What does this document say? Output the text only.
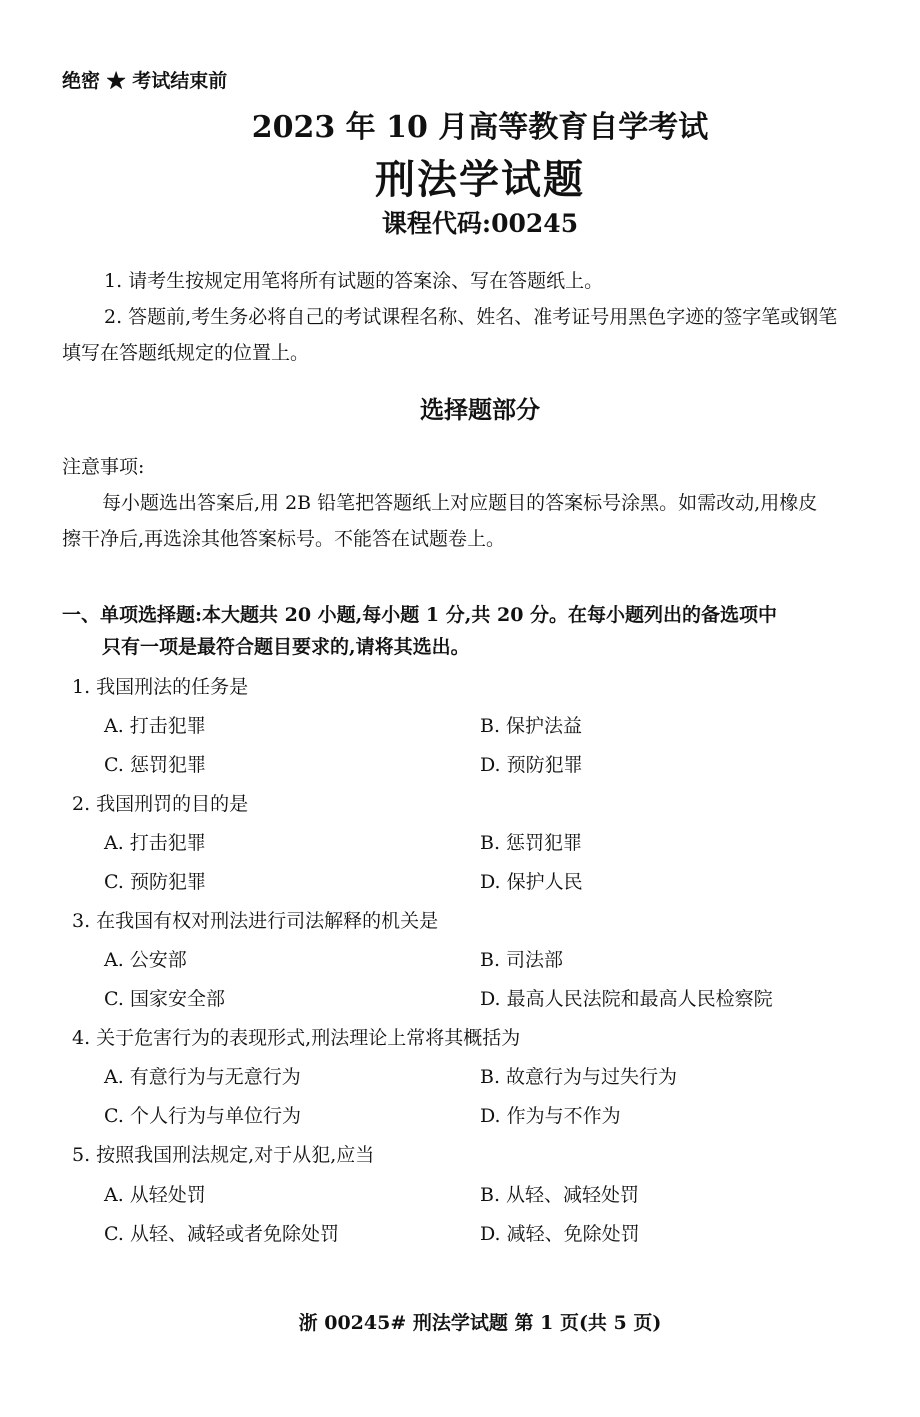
绝密 ★ 考试结束前
2023 年 10 月高等教育自学考试
刑法学试题
课程代码:00245
1. 请考生按规定用笔将所有试题的答案涂、写在答题纸上。
2. 答题前,考生务必将自己的考试课程名称、姓名、准考证号用黑色字迹的签字笔或钢笔
填写在答题纸规定的位置上。
选择题部分
注意事项:
每小题选出答案后,用 2B 铅笔把答题纸上对应题目的答案标号涂黑。如需改动,用橡皮
擦干净后,再选涂其他答案标号。不能答在试题卷上。
一、单项选择题:本大题共 20 小题,每小题 1 分,共 20 分。在每小题列出的备选项中
只有一项是最符合题目要求的,请将其选出。
1. 我国刑法的任务是
A. 打击犯罪	B. 保护法益
C. 惩罚犯罪	D. 预防犯罪
2. 我国刑罚的目的是
A. 打击犯罪	B. 惩罚犯罪
C. 预防犯罪	D. 保护人民
3. 在我国有权对刑法进行司法解释的机关是
A. 公安部	B. 司法部
C. 国家安全部	D. 最高人民法院和最高人民检察院
4. 关于危害行为的表现形式,刑法理论上常将其概括为
A. 有意行为与无意行为	B. 故意行为与过失行为
C. 个人行为与单位行为	D. 作为与不作为
5. 按照我国刑法规定,对于从犯,应当
A. 从轻处罚	B. 从轻、减轻处罚
C. 从轻、减轻或者免除处罚	D. 减轻、免除处罚
浙 00245# 刑法学试题 第 1 页(共 5 页)
